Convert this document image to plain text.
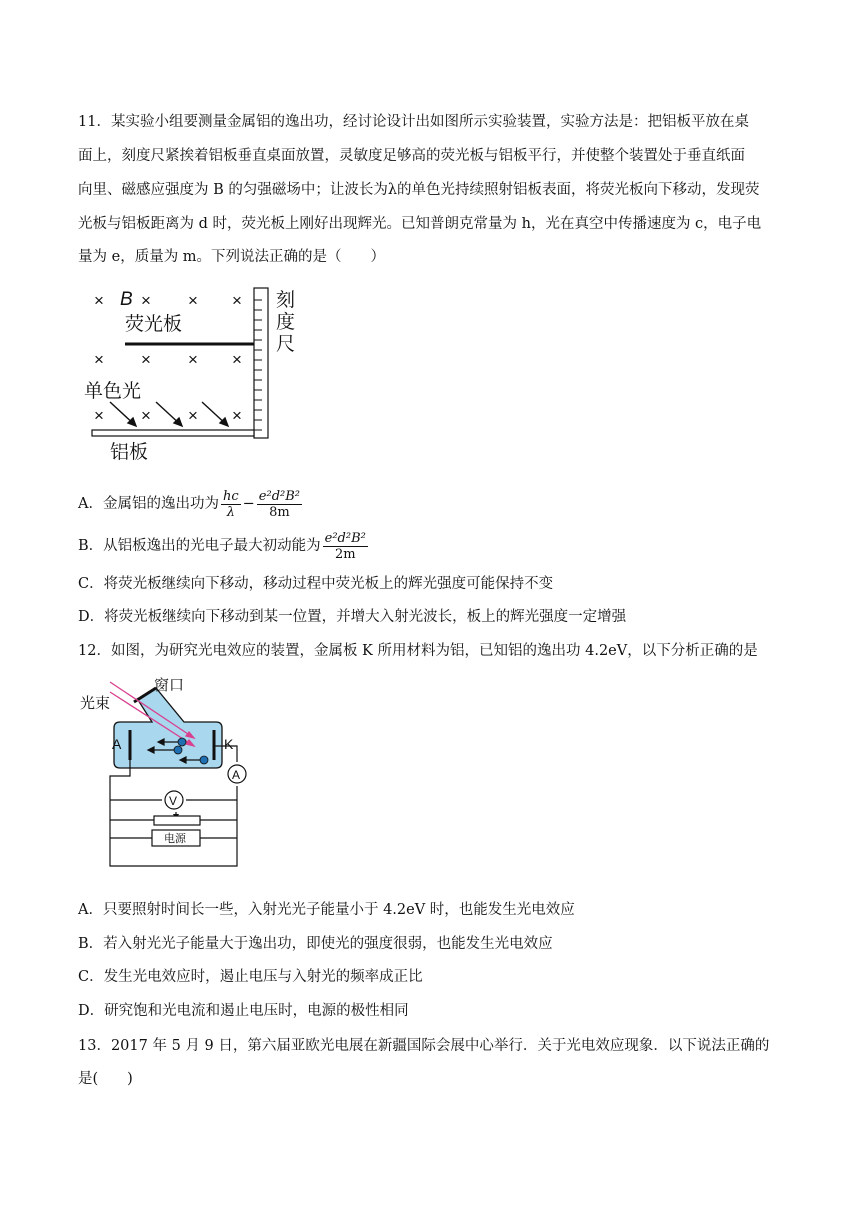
11．某实验小组要测量金属铝的逸出功，经讨论设计出如图所示实验装置，实验方法是：把铝板平放在桌
面上，刻度尺紧挨着铝板垂直桌面放置，灵敏度足够高的荧光板与铝板平行，并使整个装置处于垂直纸面
向里、磁感应强度为 B 的匀强磁场中；让波长为λ的单色光持续照射铝板表面，将荧光板向下移动，发现荧
光板与铝板距离为 d 时，荧光板上刚好出现辉光。已知普朗克常量为 h，光在真空中传播速度为 c，电子电
量为 e，质量为 m。下列说法正确的是（　　）
× B × × ×
荧光板
× × × ×
单色光
× × × ×
铝板
刻
度
尺
A．金属铝的逸出功为 $\frac{hc}{\lambda} - \frac{\text{e²d²B²}}{8m}$
B．从铝板逸出的光电子最大初动能为 $\frac{\text{e²d²B²}}{2m}$
C．将荧光板继续向下移动，移动过程中荧光板上的辉光强度可能保持不变
D．将荧光板继续向下移动到某一位置，并增大入射光波长，板上的辉光强度一定增强
12．如图，为研究光电效应的装置，金属板 K 所用材料为铝，已知铝的逸出功 4.2eV，以下分析正确的是
电源
A
V
光束
窗口
A	K
A．只要照射时间长一些，入射光光子能量小于 4.2eV 时，也能发生光电效应
B．若入射光光子能量大于逸出功，即使光的强度很弱，也能发生光电效应
C．发生光电效应时，遏止电压与入射光的频率成正比
D．研究饱和光电流和遏止电压时，电源的极性相同
13．2017 年 5 月 9 日，第六届亚欧光电展在新疆国际会展中心举行．关于光电效应现象．以下说法正确的
是(　　)
